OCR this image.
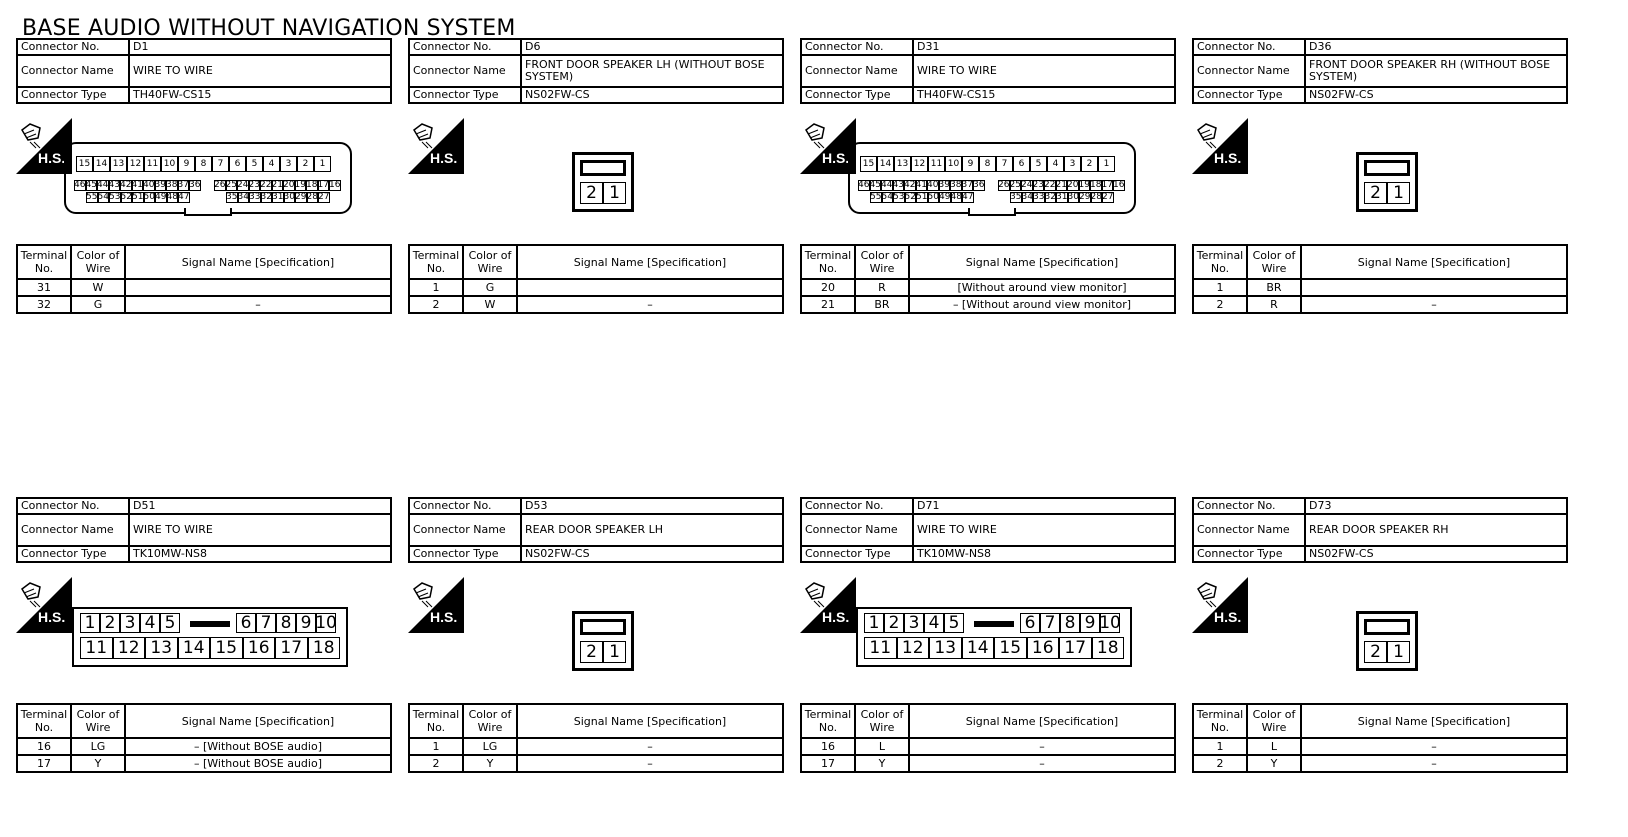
BASE AUDIO WITHOUT NAVIGATION SYSTEM
Connector No.	D1
Connector Name	WIRE TO WIRE
Connector Type	TH40FW-CS15
H.S.	15 14 13 12 11 10 9	8	7	6	5	4	3	2	1
46 45 44 43 42 41 40 39 38 37 36 26 25 24 23 22 21 20 19 18 17 16
55 54 53 52 51 50 49 48 47	35 34 33 32 31 30 29 28 27
Terminal No.	Color of Wire	Signal Name [Specification]
31	W	
32	G	–
Connector No.	D6
Connector Name	FRONT DOOR SPEAKER LH (WITHOUT BOSE SYSTEM)
Connector Type	NS02FW-CS
H.S.
2 1
Terminal No.	Color of Wire	Signal Name [Specification]
1	G	
2	W	–
Connector No.	D31
Connector Name	WIRE TO WIRE
Connector Type	TH40FW-CS15
H.S.	15 14 13 12 11 10 9	8	7	6	5	4	3	2	1
46 45 44 43 42 41 40 39 38 37 36 26 25 24 23 22 21 20 19 18 17 16
55 54 53 52 51 50 49 48 47	35 34 33 32 31 30 29 28 27
Terminal No.	Color of Wire	Signal Name [Specification]
20	R	[Without around view monitor]
21	BR	– [Without around view monitor]
Connector No.	D36
Connector Name	FRONT DOOR SPEAKER RH (WITHOUT BOSE SYSTEM)
Connector Type	NS02FW-CS
H.S.
2 1
Terminal No.	Color of Wire	Signal Name [Specification]
1	BR	
2	R	–
Connector No.	D51
Connector Name	WIRE TO WIRE
Connector Type	TK10MW-NS8
H.S. 1 2 3 4 5	6 7 8 9 10
11 12 13 14 15 16 17 18
Terminal No.	Color of Wire	Signal Name [Specification]
16	LG	– [Without BOSE audio]
17	Y	– [Without BOSE audio]
Connector No.	D53
Connector Name	REAR DOOR SPEAKER LH
Connector Type	NS02FW-CS
H.S.
2 1
Terminal No.	Color of Wire	Signal Name [Specification]
1	LG	–
2	Y	–
Connector No.	D71
Connector Name	WIRE TO WIRE
Connector Type	TK10MW-NS8
H.S. 1 2 3 4 5	6 7 8 9 10
11 12 13 14 15 16 17 18
Terminal No.	Color of Wire	Signal Name [Specification]
16	L	–
17	Y	–
Connector No.	D73
Connector Name	REAR DOOR SPEAKER RH
Connector Type	NS02FW-CS
H.S.
2 1
Terminal No.	Color of Wire	Signal Name [Specification]
1	L	–
2	Y	–
